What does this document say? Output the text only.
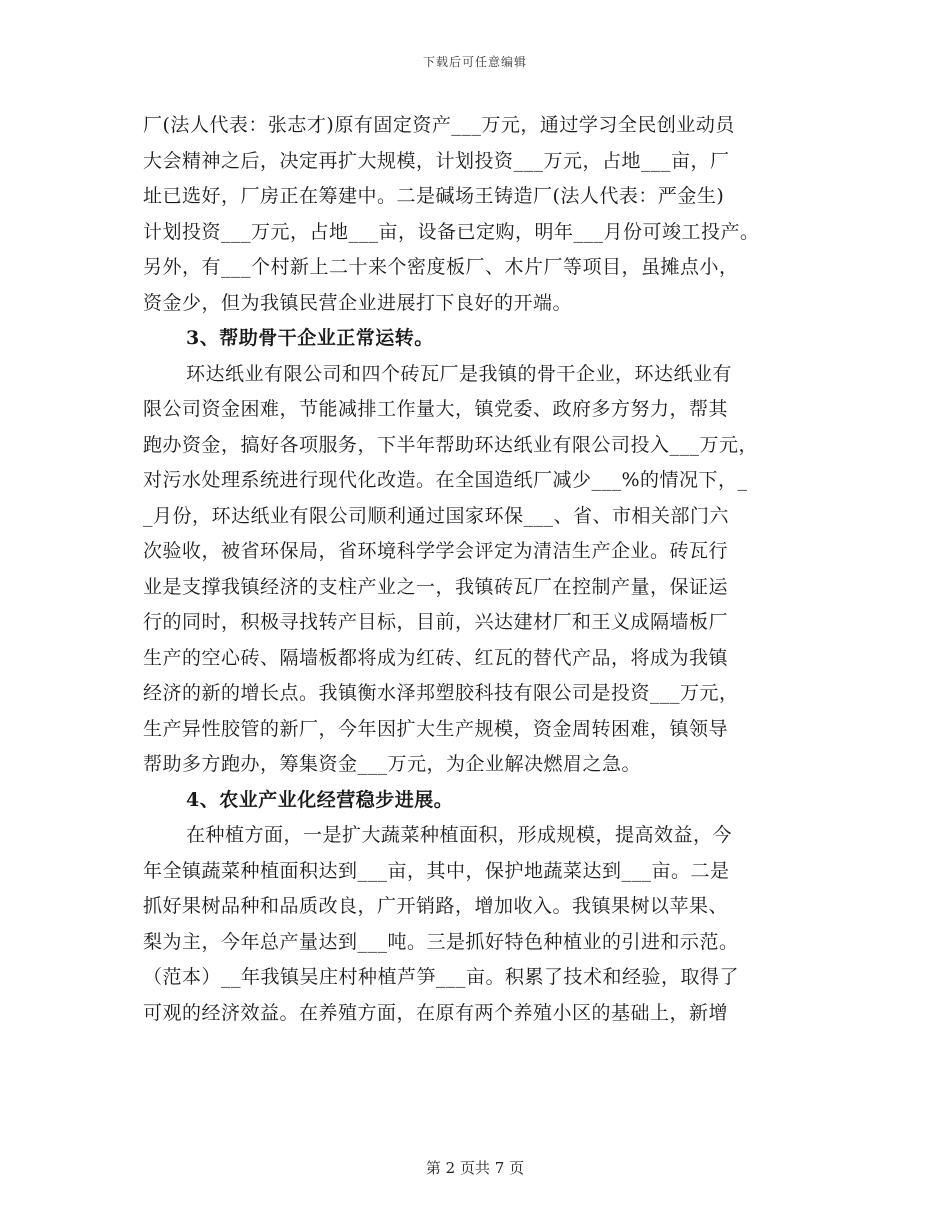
下载后可任意编辑
厂(法人代表：张志才)原有固定资产___万元，通过学习全民创业动员
大会精神之后，决定再扩大规模，计划投资___万元，占地___亩，厂
址已选好，厂房正在筹建中。二是碱场王铸造厂(法人代表：严金生)
计划投资___万元，占地___亩，设备已定购，明年___月份可竣工投产。
另外，有___个村新上二十来个密度板厂、木片厂等项目，虽摊点小，
资金少，但为我镇民营企业进展打下良好的开端。
3、帮助骨干企业正常运转。
环达纸业有限公司和四个砖瓦厂是我镇的骨干企业，环达纸业有
限公司资金困难，节能减排工作量大，镇党委、政府多方努力，帮其
跑办资金，搞好各项服务，下半年帮助环达纸业有限公司投入___万元，
对污水处理系统进行现代化改造。在全国造纸厂减少___%的情况下，_
_月份，环达纸业有限公司顺利通过国家环保___、省、市相关部门六
次验收，被省环保局，省环境科学学会评定为清洁生产企业。砖瓦行
业是支撑我镇经济的支柱产业之一，我镇砖瓦厂在控制产量，保证运
行的同时，积极寻找转产目标，目前，兴达建材厂和王义成隔墙板厂
生产的空心砖、隔墙板都将成为红砖、红瓦的替代产品，将成为我镇
经济的新的增长点。我镇衡水泽邦塑胶科技有限公司是投资___万元，
生产异性胶管的新厂，今年因扩大生产规模，资金周转困难，镇领导
帮助多方跑办，筹集资金___万元，为企业解决燃眉之急。
4、农业产业化经营稳步进展。
在种植方面，一是扩大蔬菜种植面积，形成规模，提高效益，今
年全镇蔬菜种植面积达到___亩，其中，保护地蔬菜达到___亩。二是
抓好果树品种和品质改良，广开销路，增加收入。我镇果树以苹果、
梨为主，今年总产量达到___吨。三是抓好特色种植业的引进和示范。
（范本）__年我镇吴庄村种植芦笋___亩。积累了技术和经验，取得了
可观的经济效益。在养殖方面，在原有两个养殖小区的基础上，新增
第 2 页共 7 页
